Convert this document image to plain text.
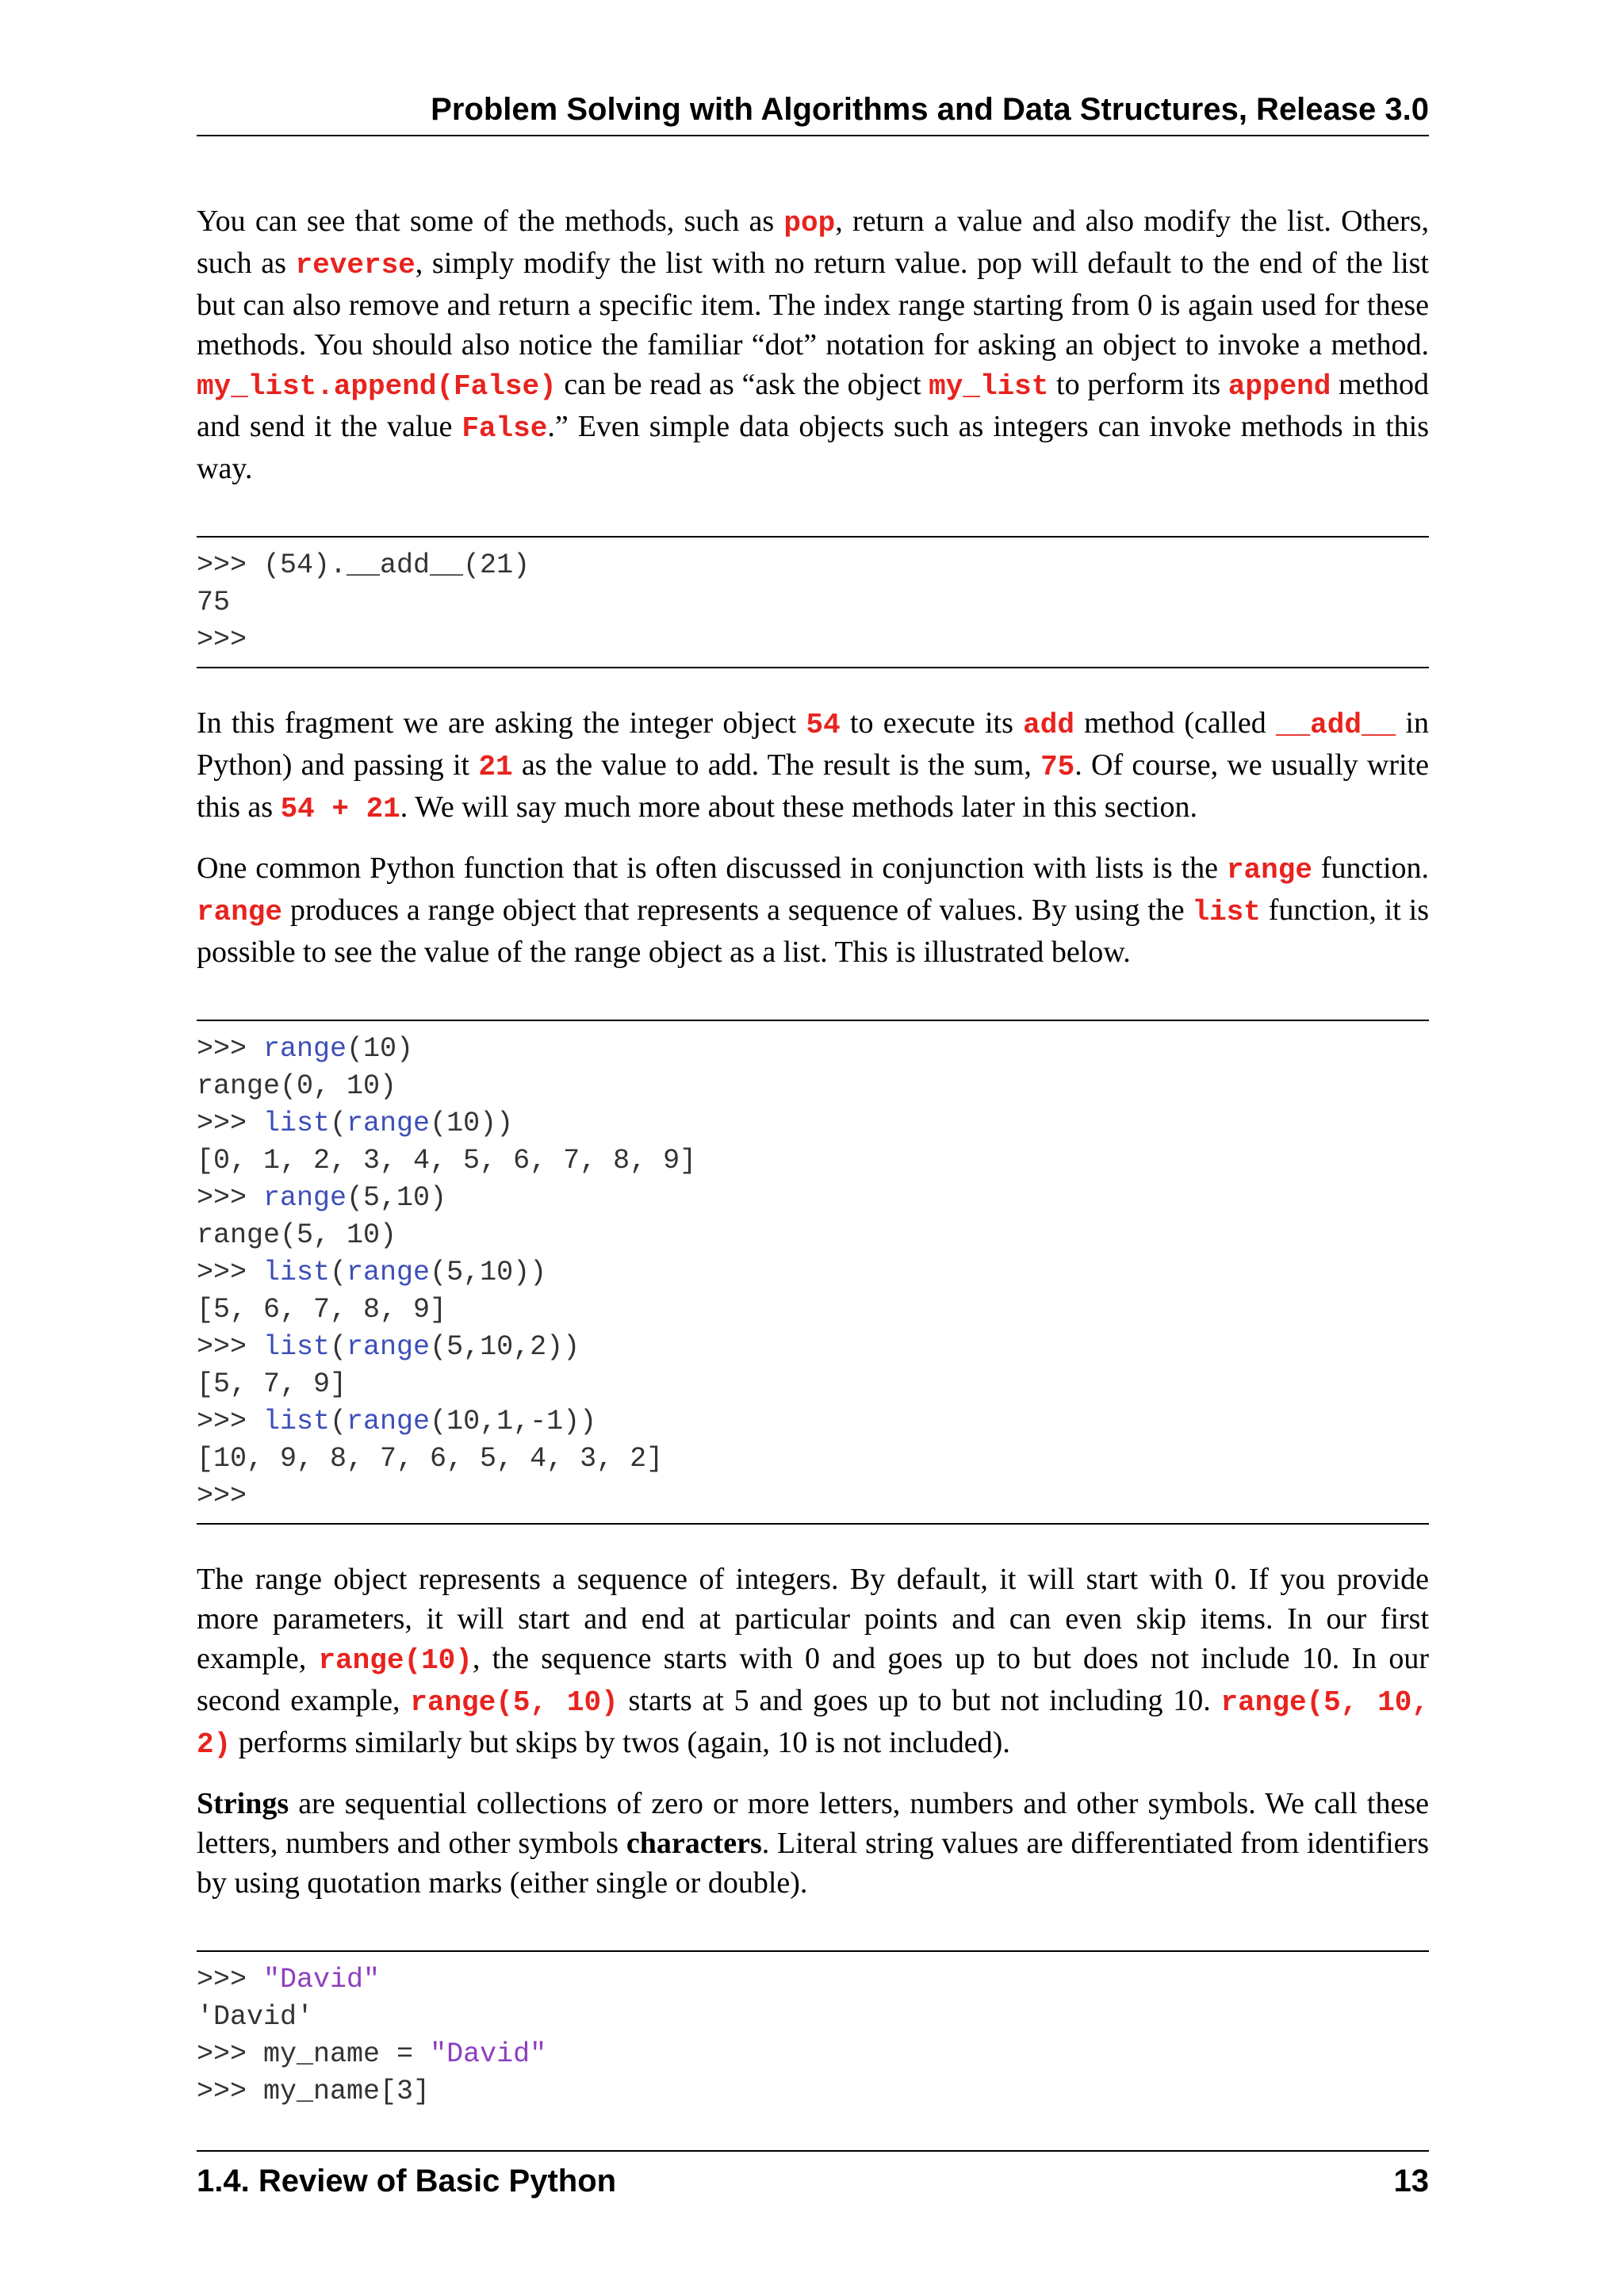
Problem Solving with Algorithms and Data Structures, Release 3.0

You can see that some of the methods, such as pop, return a value and also modify the list. Others, such as reverse, simply modify the list with no return value. pop will default to the end of the list but can also remove and return a specific item. The index range starting from 0 is again used for these methods. You should also notice the familiar “dot” notation for asking an object to invoke a method. my_list.append(False) can be read as “ask the object my_list to perform its append method and send it the value False.” Even simple data objects such as integers can invoke methods in this way.

>>> (54).__add__(21)
75
>>>

In this fragment we are asking the integer object 54 to execute its add method (called __add__ in Python) and passing it 21 as the value to add. The result is the sum, 75. Of course, we usually write this as 54 + 21. We will say much more about these methods later in this section.

One common Python function that is often discussed in conjunction with lists is the range function. range produces a range object that represents a sequence of values. By using the list function, it is possible to see the value of the range object as a list. This is illustrated below.

>>> range(10)
range(0, 10)
>>> list(range(10))
[0, 1, 2, 3, 4, 5, 6, 7, 8, 9]
>>> range(5,10)
range(5, 10)
>>> list(range(5,10))
[5, 6, 7, 8, 9]
>>> list(range(5,10,2))
[5, 7, 9]
>>> list(range(10,1,-1))
[10, 9, 8, 7, 6, 5, 4, 3, 2]
>>>

The range object represents a sequence of integers. By default, it will start with 0. If you provide more parameters, it will start and end at particular points and can even skip items. In our first example, range(10), the sequence starts with 0 and goes up to but does not include 10. In our second example, range(5, 10) starts at 5 and goes up to but not including 10. range(5, 10, 2) performs similarly but skips by twos (again, 10 is not included).

Strings are sequential collections of zero or more letters, numbers and other symbols. We call these letters, numbers and other symbols characters. Literal string values are differentiated from identifiers by using quotation marks (either single or double).

>>> "David"
'David'
>>> my_name = "David"
>>> my_name[3]
1.4. Review of Basic Python	13
